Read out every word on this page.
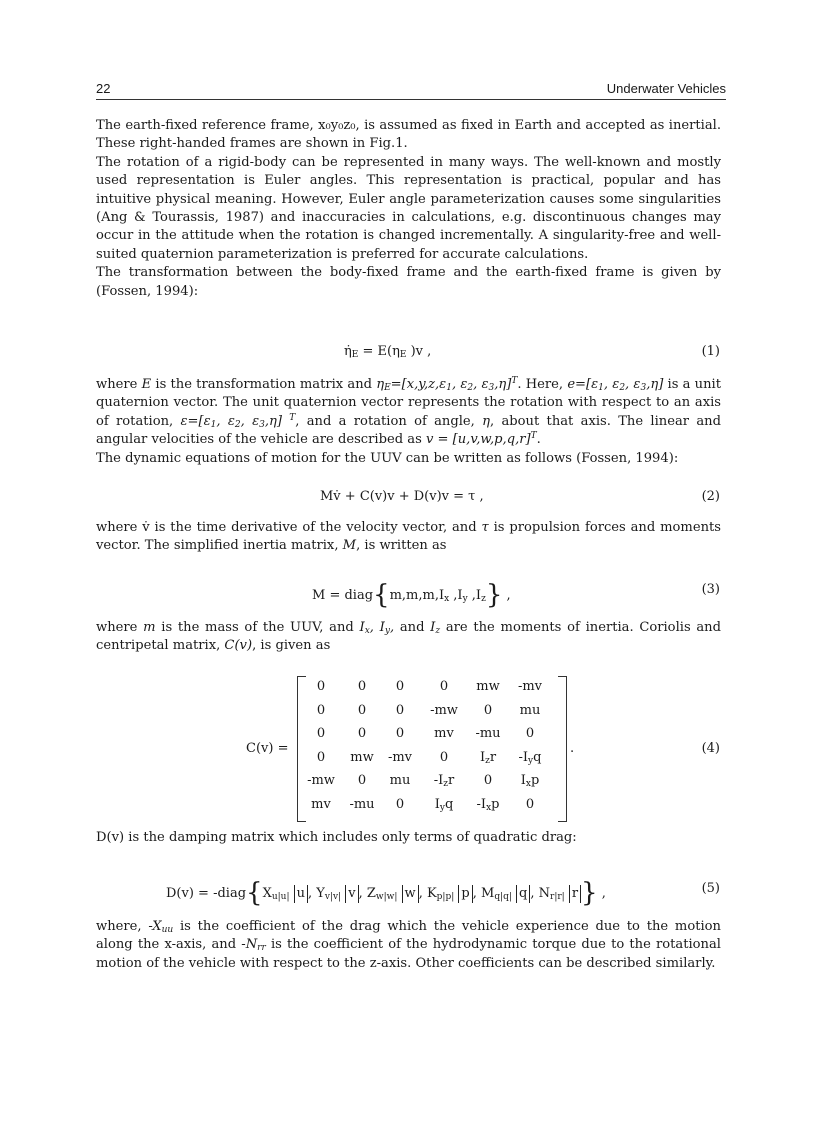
22	Underwater Vehicles
The earth-fixed reference frame, x₀y₀z₀, is assumed as fixed in Earth and accepted as inertial. These right-handed frames are shown in Fig.1.
The rotation of a rigid-body can be represented in many ways. The well-known and mostly used representation is Euler angles. This representation is practical, popular and has intuitive physical meaning. However, Euler angle parameterization causes some singularities (Ang & Tourassis, 1987) and inaccuracies in calculations, e.g. discontinuous changes may occur in the attitude when the rotation is changed incrementally. A singularity-free and well-suited quaternion parameterization is preferred for accurate calculations.
The transformation between the body-fixed frame and the earth-fixed frame is given by (Fossen, 1994):
$\etȧ_E = E(\eta_E$ )v ,	(1)
where E is the transformation matrix and $\eta_E=[x,y,z,\varepsilon_1$, $\varepsilon_2$, $\varepsilon_3,\eta]^T$. Here, $e=[\varepsilon_1$, $\varepsilon_2$, $\varepsilon_3,\eta$] is a unit quaternion vector. The unit quaternion vector represents the rotation with respect to an axis of rotation, $\varepsilon=[\varepsilon_1$, $\varepsilon_2$, $\varepsilon_3,\eta$] $^T$, and a rotation of angle, η, about that axis. The linear and angular velocities of the vehicle are described as $v = [u,v,w,p,q,r]^T$.
The dynamic equations of motion for the UUV can be written as follows (Fossen, 1994):
Mv̇ + C(v)v + D(v)v = τ ,	(2)
where v̇ is the time derivative of the velocity vector, and τ is propulsion forces and moments vector. The simplified inertia matrix, M, is written as
$M = diag\{m,m,m,I_x$ $,I_y$ $,I_z$} ,	(3)
where m is the mass of the UUV, and $I_x$, $I_y$, and $I_z$ are the moments of inertia. Coriolis and centripetal matrix, C(v), is given as
C(v) =
0	0	0	0	mw	-mv
0	0	0	-mw	0	mu
0	0	0	mv	-mu	0
0	mw	-mv	0	$I_zr$	$-I_yq$
-mw	0	mu	$-I_zr$	0	$I_xp$
mv	-mu	0	$I_yq$	$-I_xp$	0
.	(4)
D(v) is the damping matrix which includes only terms of quadratic drag:
$D(v) = -diag\{X_{u|u|}$ u , $Y_{v|v|}$ v , $Z_{w|w|}$ w , $K_{p|p|}$ p , $M_{q|q|}$ q , $N_{r|r|}$ r } ,	(5)
where, $-X_{uu}$ is the coefficient of the drag which the vehicle experience due to the motion along the x-axis, and $-N_{rr}$ is the coefficient of the hydrodynamic torque due to the rotational motion of the vehicle with respect to the z-axis. Other coefficients can be described similarly.
